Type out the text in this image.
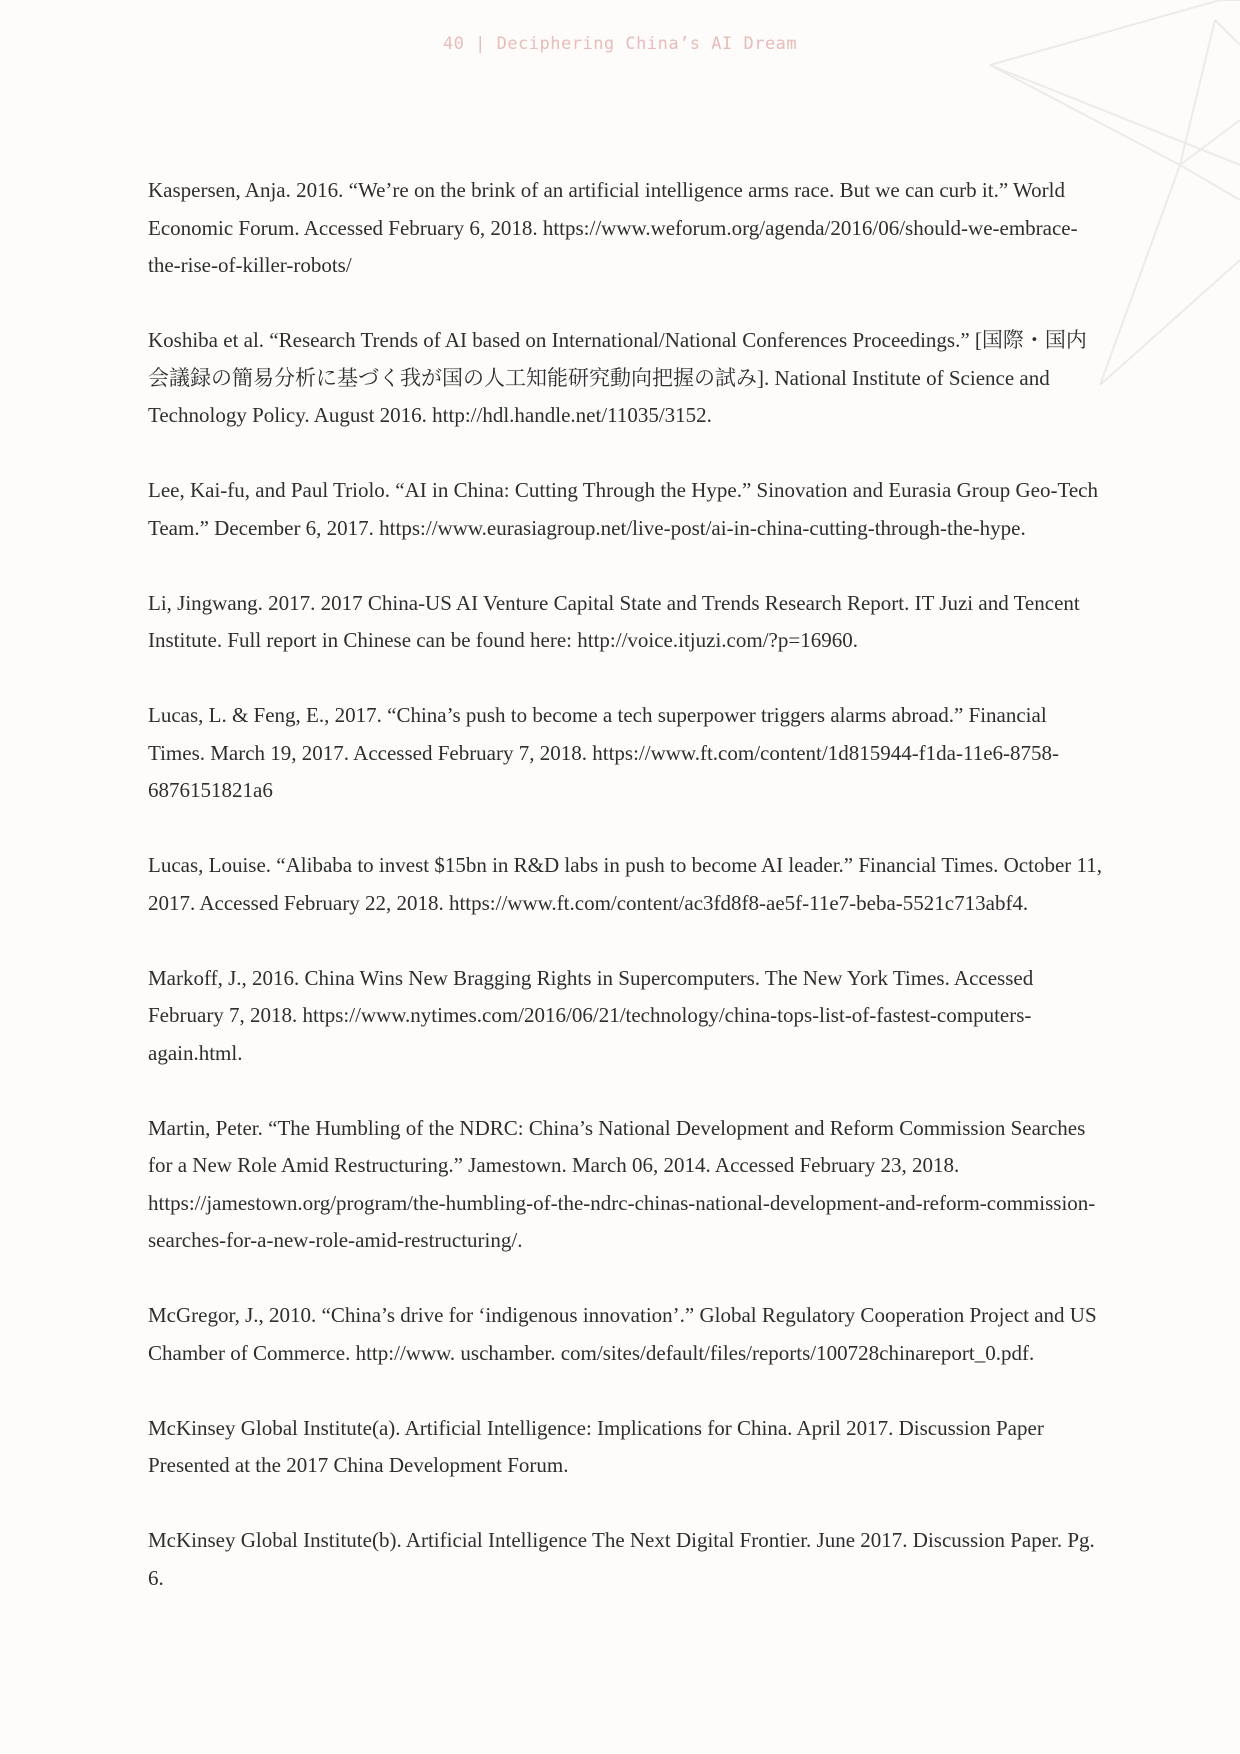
40 | Deciphering China’s AI Dream

Kaspersen, Anja. 2016. “We’re on the brink of an artificial intelligence arms race. But we can curb it.” World Economic Forum. Accessed February 6, 2018. https://www.weforum.org/agenda/2016/06/should-we-embrace-the-rise-of-killer-robots/

Koshiba et al. “Research Trends of AI based on International/National Conferences Proceedings.” [国際・国内会議録の簡易分析に基づく我が国の人工知能研究動向把握の試み]. National Institute of Science and Technology Policy. August 2016. http://hdl.handle.net/11035/3152.

Lee, Kai-fu, and Paul Triolo. “AI in China: Cutting Through the Hype.” Sinovation and Eurasia Group Geo-Tech Team.” December 6, 2017. https://www.eurasiagroup.net/live-post/ai-in-china-cutting-through-the-hype.

Li, Jingwang. 2017. 2017 China-US AI Venture Capital State and Trends Research Report. IT Juzi and Tencent Institute. Full report in Chinese can be found here: http://voice.itjuzi.com/?p=16960.

Lucas, L. & Feng, E., 2017. “China’s push to become a tech superpower triggers alarms abroad.” Financial Times. March 19, 2017. Accessed February 7, 2018. https://www.ft.com/content/1d815944-f1da-11e6-8758-6876151821a6

Lucas, Louise. “Alibaba to invest $15bn in R&D labs in push to become AI leader.” Financial Times. October 11, 2017. Accessed February 22, 2018. https://www.ft.com/content/ac3fd8f8-ae5f-11e7-beba-5521c713abf4.

Markoff, J., 2016. China Wins New Bragging Rights in Supercomputers. The New York Times. Accessed February 7, 2018. https://www.nytimes.com/2016/06/21/technology/china-tops-list-of-fastest-computers-again.html.

Martin, Peter. “The Humbling of the NDRC: China’s National Development and Reform Commission Searches for a New Role Amid Restructuring.” Jamestown. March 06, 2014. Accessed February 23, 2018. https://jamestown.org/program/the-humbling-of-the-ndrc-chinas-national-development-and-reform-commission-searches-for-a-new-role-amid-restructuring/.

McGregor, J., 2010. “China’s drive for ‘indigenous innovation’.” Global Regulatory Cooperation Project and US Chamber of Commerce. http://www. uschamber. com/sites/default/files/reports/100728chinareport_0.pdf.

McKinsey Global Institute(a). Artificial Intelligence: Implications for China. April 2017. Discussion Paper Presented at the 2017 China Development Forum.

McKinsey Global Institute(b). Artificial Intelligence The Next Digital Frontier. June 2017. Discussion Paper. Pg. 6.
